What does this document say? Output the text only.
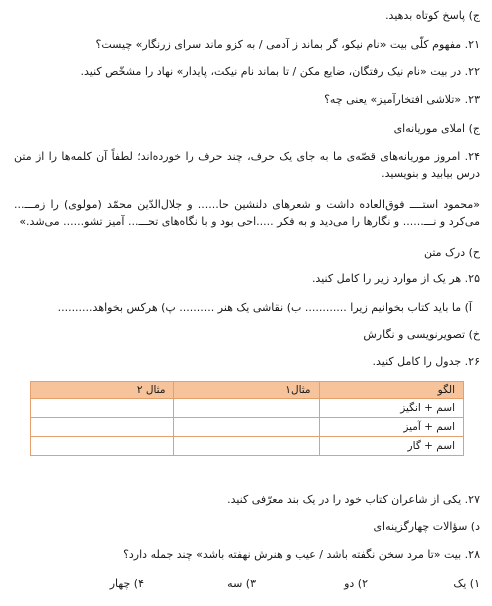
ج) پاسخ کوتاه بدهید.
۲۱. مفهوم کلّی بیت «نام نیکو، گر بماند ز آدمی / به کزو ماند سرای زرنگار» چیست؟
۲۲. در بیت «نام نیک رفتگان، ضایع مکن / تا بماند نام نیکت، پایدار» نهاد را مشخّص کنید.
۲۳. «تلاشی افتخارآمیز» یعنی چه؟
ج) املای موریانه‌ای
۲۴. امروز موریانه‌های قصّه‌ی ما به جای یک حرف، چند حرف را خورده‌اند؛ لطفاً آن کلمه‌ها را از متن درس بیابید و بنویسید.
«محمود استــــ فوق‌العاده داشت و شعرهای دلنشین حا...... و جلال‌الدّین محمّد (مولوی) را زمـــ... می‌کرد و نـــ...... و نگارها را می‌دید و به فکر .....احی بود و با نگاه‌های تحـــ... آمیز تشو...... می‌شد.»
ح) درک متن
۲۵. هر یک از موارد زیر را کامل کنید.
آ) ما باید کتاب بخوانیم زیرا ............ ب) نقاشی یک هنر .......... پ) هرکس بخواهد..........
خ) تصویرنویسی و نگارش
۲۶. جدول را کامل کنید.
الگو	مثال۱	مثال ۲
اسم + انگیز		
اسم + آمیز		
اسم + گار		
۲۷. یکی از شاعران کتاب خود را در یک بند معرّفی کنید.
د) سؤالات چهارگزینه‌ای
۲۸. بیت «تا مرد سخن نگفته باشد / عیب و هنرش نهفته باشد» چند جمله دارد؟
۱) یک۲) دو۳) سه۴) چهار
